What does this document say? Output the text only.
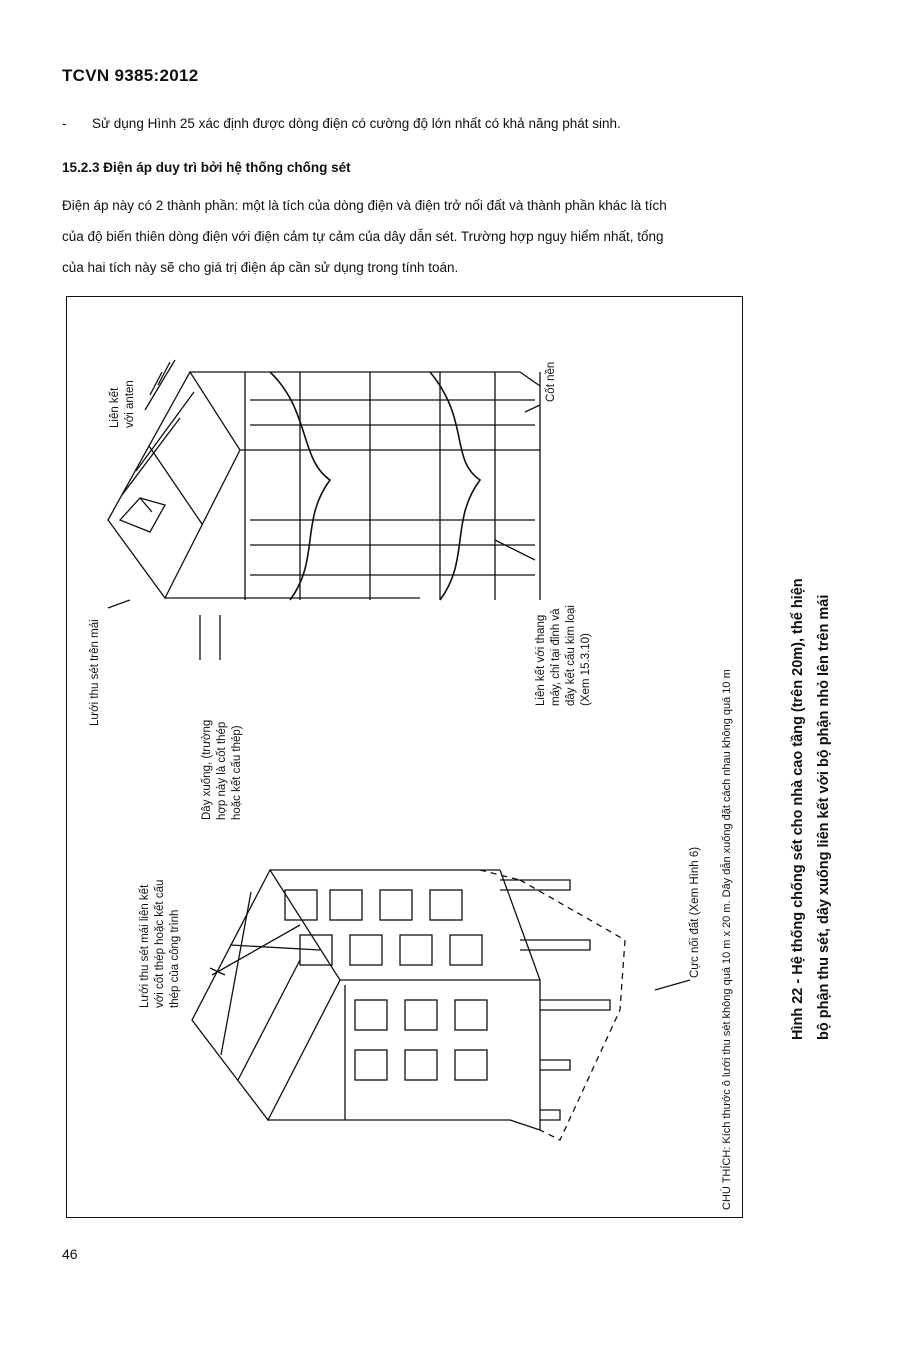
TCVN 9385:2012
- Sử dụng Hình 25 xác định được dòng điện có cường độ lớn nhất có khả năng phát sinh.
15.2.3 Điện áp duy trì bởi hệ thống chống sét
Điện áp này có 2 thành phần: một là tích của dòng điện và điện trở nối đất và thành phần khác là tích
của độ biến thiên dòng điện với điện cảm tự cảm của dây dẫn sét. Trường hợp nguy hiểm nhất, tổng
của hai tích này sẽ cho giá trị điện áp cần sử dụng trong tính toán.
Liên kết với anten	Cốt nền
Lưới thu sét trên mái
Dây xuống, (trường hợp này là cốt thép hoặc kết cấu thép)
Liên kết với thang máy, chỉ tại đỉnh và dây kết cấu kim loại (Xem 15.3.10)
Lưới thu sét mái liên kết với cốt thép hoặc kết cấu thép của công trình	Cực nối đất (Xem Hình 6) CHÚ THÍCH: Kích thước ô lưới thu sét không quá 10 m x 20 m. Dây dẫn xuống đặt cách nhau không quá 10 m	Hình 22 - Hệ thống chống sét cho nhà cao tầng (trên 20m), thể hiện bộ phận thu sét, dây xuống liên kết với bộ phận nhỏ lên trên mái
46
